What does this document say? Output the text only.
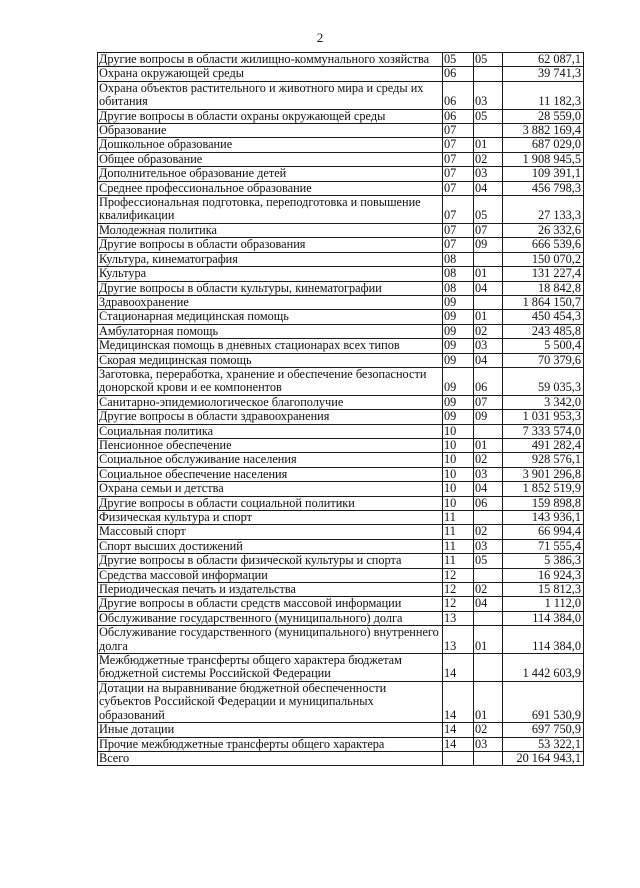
2
Другие вопросы в области жилищно-коммунального хозяйства	05	05	62 087,1
Охрана окружающей среды	06		39 741,3
Охрана объектов растительного и животного мира и среды их обитания	06	03	11 182,3
Другие вопросы в области охраны окружающей среды	06	05	28 559,0
Образование	07		3 882 169,4
Дошкольное образование	07	01	687 029,0
Общее образование	07	02	1 908 945,5
Дополнительное образование детей	07	03	109 391,1
Среднее профессиональное образование	07	04	456 798,3
Профессиональная подготовка, переподготовка и повышение квалификации	07	05	27 133,3
Молодежная политика	07	07	26 332,6
Другие вопросы в области образования	07	09	666 539,6
Культура, кинематография	08		150 070,2
Культура	08	01	131 227,4
Другие вопросы в области культуры, кинематографии	08	04	18 842,8
Здравоохранение	09		1 864 150,7
Стационарная медицинская помощь	09	01	450 454,3
Амбулаторная помощь	09	02	243 485,8
Медицинская помощь в дневных стационарах всех типов	09	03	5 500,4
Скорая медицинская помощь	09	04	70 379,6
Заготовка, переработка, хранение и обеспечение безопасности донорской крови и ее компонентов	09	06	59 035,3
Санитарно-эпидемиологическое благополучие	09	07	3 342,0
Другие вопросы в области здравоохранения	09	09	1 031 953,3
Социальная политика	10		7 333 574,0
Пенсионное обеспечение	10	01	491 282,4
Социальное обслуживание населения	10	02	928 576,1
Социальное обеспечение населения	10	03	3 901 296,8
Охрана семьи и детства	10	04	1 852 519,9
Другие вопросы в области социальной политики	10	06	159 898,8
Физическая культура и спорт	11		143 936,1
Массовый спорт	11	02	66 994,4
Спорт высших достижений	11	03	71 555,4
Другие вопросы в области физической культуры и спорта	11	05	5 386,3
Средства массовой информации	12		16 924,3
Периодическая печать и издательства	12	02	15 812,3
Другие вопросы в области средств массовой информации	12	04	1 112,0
Обслуживание государственного (муниципального) долга	13		114 384,0
Обслуживание государственного (муниципального) внутреннего долга	13	01	114 384,0
Межбюджетные трансферты общего характера бюджетам бюджетной системы Российской Федерации	14		1 442 603,9
Дотации на выравнивание бюджетной обеспеченности субъектов Российской Федерации и муниципальных образований	14	01	691 530,9
Иные дотации	14	02	697 750,9
Прочие межбюджетные трансферты общего характера	14	03	53 322,1
Всего			20 164 943,1
